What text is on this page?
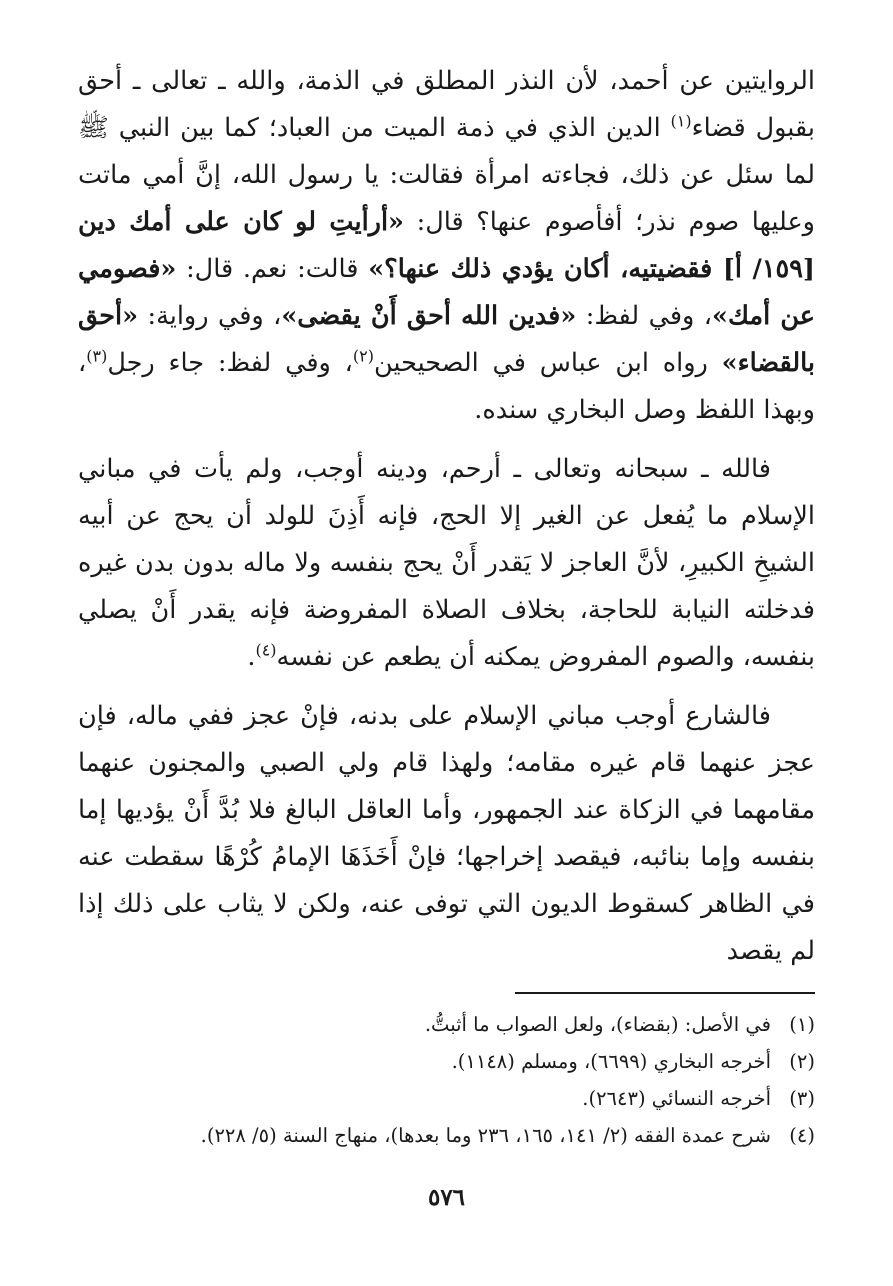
الروايتين عن أحمد، لأن النذر المطلق في الذمة، والله ـ تعالى ـ أحق بقبول قضاء$^{(١)}$ الدين الذي في ذمة الميت من العباد؛ كما بين النبي ﷺ لما سئل عن ذلك، فجاءته امرأة فقالت: يا رسول الله، إنَّ أمي ماتت وعليها صوم نذر؛ أفأصوم عنها؟ قال: «أرأيتِ لو كان على أمك دين [١٥٩/ أ] فقضيتيه، أكان يؤدي ذلك عنها؟» قالت: نعم. قال: «فصومي عن أمك»، وفي لفظ: «فدين الله أحق أَنْ يقضى»، وفي رواية: «أحق بالقضاء» رواه ابن عباس في الصحيحين$^{(٢)}$، وفي لفظ: جاء رجل$^{(٣)}$، وبهذا اللفظ وصل البخاري سنده.

فالله ـ سبحانه وتعالى ـ أرحم، ودينه أوجب، ولم يأت في مباني الإسلام ما يُفعل عن الغير إلا الحج، فإنه أَذِنَ للولد أن يحج عن أبيه الشيخِ الكبيرِ، لأنَّ العاجز لا يَقدر أَنْ يحج بنفسه ولا ماله بدون بدن غيره فدخلته النيابة للحاجة، بخلاف الصلاة المفروضة فإنه يقدر أَنْ يصلي بنفسه، والصوم المفروض يمكنه أن يطعم عن نفسه$^{(٤)}$.

فالشارع أوجب مباني الإسلام على بدنه، فإنْ عجز ففي ماله، فإن عجز عنهما قام غيره مقامه؛ ولهذا قام ولي الصبي والمجنون عنهما مقامهما في الزكاة عند الجمهور، وأما العاقل البالغ فلا بُدَّ أَنْ يؤديها إما بنفسه وإما بنائبه، فيقصد إخراجها؛ فإنْ أَخَذَهَا الإمامُ كُرْهًا سقطت عنه في الظاهر كسقوط الديون التي توفى عنه، ولكن لا يثاب على ذلك إذا لم يقصد

(١)في الأصل: (بقضاء)، ولعل الصواب ما أثبتُّ.

(٢)أخرجه البخاري (٦٦٩٩)، ومسلم (١١٤٨).

(٣)أخرجه النسائي (٢٦٤٣).

(٤)شرح عمدة الفقه (٢/ ١٤١، ١٦٥، ٢٣٦ وما بعدها)، منهاج السنة (٥/ ٢٢٨).

٥٧٦
